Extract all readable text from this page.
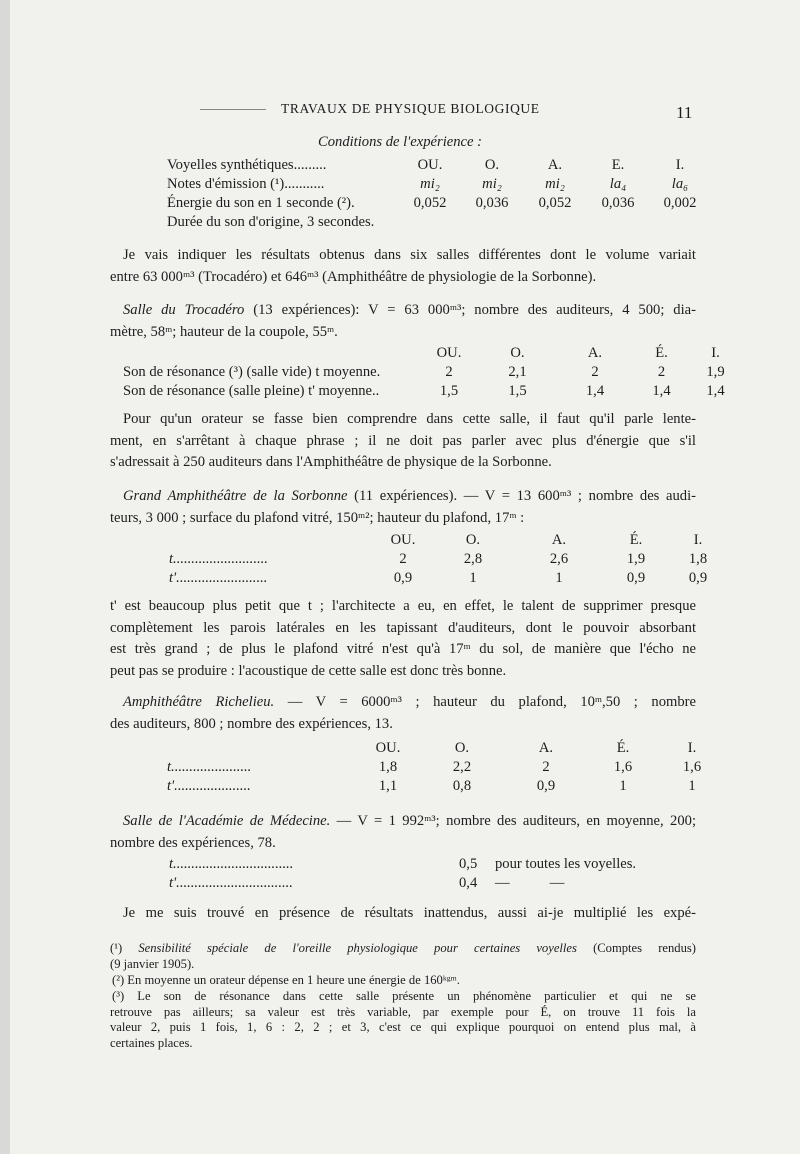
TRAVAUX DE PHYSIQUE BIOLOGIQUE	11
Conditions de l'expérience :
Voyelles synthétiques.........	OU.	O.	A.	E.	I.
Notes d'émission (¹)...........	mi₂	mi₂	mi₂	la₄	la₆
Énergie du son en 1 seconde (²).	0,052	0,036	0,052	0,036	0,002
Durée du son d'origine, 3 secondes.					
Je vais indiquer les résultats obtenus dans six salles différentes dont le volume variait
entre 63 000ᵐ³ (Trocadéro) et 646ᵐ³ (Amphithéâtre de physiologie de la Sorbonne).
Salle du Trocadéro (13 expériences): V = 63 000ᵐ³; nombre des auditeurs, 4 500; dia-
mètre, 58ᵐ; hauteur de la coupole, 55ᵐ.
	OU.	O.	A.	É.	I.
Son de résonance (³) (salle vide) t moyenne.	2	2,1	2	2	1,9
Son de résonance (salle pleine) t' moyenne..	1,5	1,5	1,4	1,4	1,4
Pour qu'un orateur se fasse bien comprendre dans cette salle, il faut qu'il parle lente-
ment, en s'arrêtant à chaque phrase ; il ne doit pas parler avec plus d'énergie que s'il
s'adressait à 250 auditeurs dans l'Amphithéâtre de physique de la Sorbonne.
Grand Amphithéâtre de la Sorbonne (11 expériences). — V = 13 600ᵐ³ ; nombre des audi-
teurs, 3 000 ; surface du plafond vitré, 150ᵐ²; hauteur du plafond, 17ᵐ :
	OU.	O.	A.	É.	I.
t..........................	2	2,8	2,6	1,9	1,8
t'.........................	0,9	1	1	0,9	0,9
t' est beaucoup plus petit que t ; l'architecte a eu, en effet, le talent de supprimer presque
complètement les parois latérales en les tapissant d'auditeurs, dont le pouvoir absorbant
est très grand ; de plus le plafond vitré n'est qu'à 17ᵐ du sol, de manière que l'écho ne
peut pas se produire : l'acoustique de cette salle est donc très bonne.
Amphithéâtre Richelieu. — V = 6000ᵐ³ ; hauteur du plafond, 10ᵐ,50 ; nombre
des auditeurs, 800 ; nombre des expériences, 13.
	OU.	O.	A.	É.	I.
t......................	1,8	2,2	2	1,6	1,6
t'.....................	1,1	0,8	0,9	1	1
Salle de l'Académie de Médecine. — V = 1 992ᵐ³; nombre des auditeurs, en moyenne, 200;
nombre des expériences, 78.
t.................................	0,5	pour toutes les voyelles.
t'................................	0,4	—           —
Je me suis trouvé en présence de résultats inattendus, aussi ai-je multiplié les expé-
(¹) Sensibilité spéciale de l'oreille physiologique pour certaines voyelles (Comptes rendus)
(9 janvier 1905).
(²) En moyenne un orateur dépense en 1 heure une énergie de 160ᵏᵍᵐ.
(³) Le son de résonance dans cette salle présente un phénomène particulier et qui ne se
retrouve pas ailleurs; sa valeur est très variable, par exemple pour É, on trouve 11 fois la
valeur 2, puis 1 fois, 1, 6 : 2, 2 ; et 3, c'est ce qui explique pourquoi on entend plus mal, à
certaines places.
